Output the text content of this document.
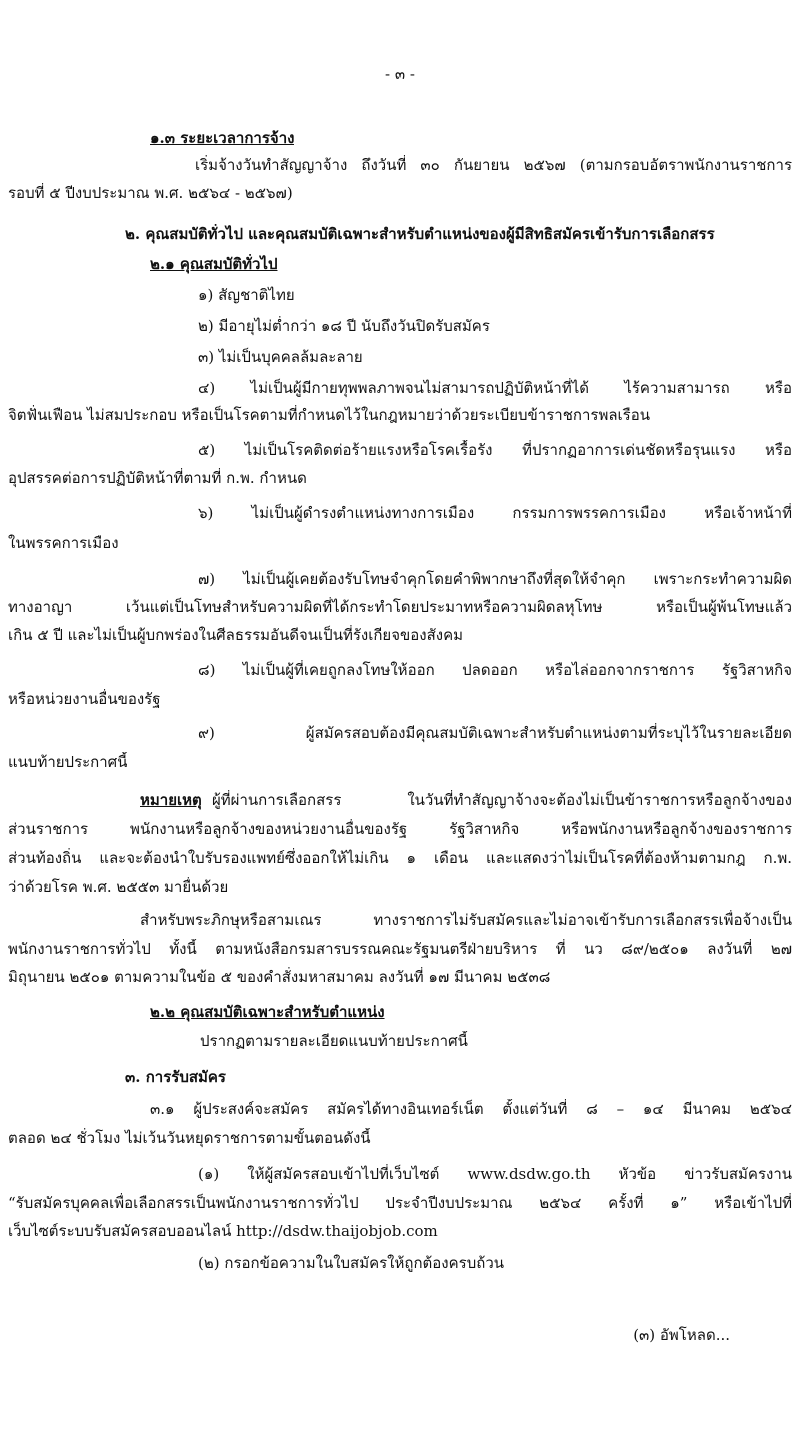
- ๓ -
๑.๓ ระยะเวลาการจ้าง
เริ่มจ้างวันทำสัญญาจ้าง ถึงวันที่ ๓๐ กันยายน ๒๕๖๗ (ตามกรอบอัตราพนักงานราชการ
รอบที่ ๕ ปีงบประมาณ พ.ศ. ๒๕๖๔ - ๒๕๖๗)
๒. คุณสมบัติทั่วไป และคุณสมบัติเฉพาะสำหรับตำแหน่งของผู้มีสิทธิสมัครเข้ารับการเลือกสรร
๒.๑ คุณสมบัติทั่วไป
๑) สัญชาติไทย
๒) มีอายุไม่ต่ำกว่า ๑๘ ปี นับถึงวันปิดรับสมัคร
๓) ไม่เป็นบุคคลล้มละลาย
๔) ไม่เป็นผู้มีกายทุพพลภาพจนไม่สามารถปฏิบัติหน้าที่ได้ ไร้ความสามารถ หรือ
จิตฟั่นเฟือน ไม่สมประกอบ หรือเป็นโรคตามที่กำหนดไว้ในกฎหมายว่าด้วยระเบียบข้าราชการพลเรือน
๕) ไม่เป็นโรคติดต่อร้ายแรงหรือโรคเรื้อรัง ที่ปรากฏอาการเด่นชัดหรือรุนแรง หรือ
อุปสรรคต่อการปฏิบัติหน้าที่ตามที่ ก.พ. กำหนด
๖) ไม่เป็นผู้ดำรงตำแหน่งทางการเมือง กรรมการพรรคการเมือง หรือเจ้าหน้าที่
ในพรรคการเมือง
๗) ไม่เป็นผู้เคยต้องรับโทษจำคุกโดยคำพิพากษาถึงที่สุดให้จำคุก เพราะกระทำความผิด
ทางอาญา เว้นแต่เป็นโทษสำหรับความผิดที่ได้กระทำโดยประมาทหรือความผิดลหุโทษ หรือเป็นผู้พ้นโทษแล้ว
เกิน ๕ ปี และไม่เป็นผู้บกพร่องในศีลธรรมอันดีจนเป็นที่รังเกียจของสังคม
๘) ไม่เป็นผู้ที่เคยถูกลงโทษให้ออก ปลดออก หรือไล่ออกจากราชการ รัฐวิสาหกิจ
หรือหน่วยงานอื่นของรัฐ
๙) ผู้สมัครสอบต้องมีคุณสมบัติเฉพาะสำหรับตำแหน่งตามที่ระบุไว้ในรายละเอียด
แนบท้ายประกาศนี้
หมายเหตุ ผู้ที่ผ่านการเลือกสรร ในวันที่ทำสัญญาจ้างจะต้องไม่เป็นข้าราชการหรือลูกจ้างของ
ส่วนราชการ พนักงานหรือลูกจ้างของหน่วยงานอื่นของรัฐ รัฐวิสาหกิจ หรือพนักงานหรือลูกจ้างของราชการ
ส่วนท้องถิ่น และจะต้องนำใบรับรองแพทย์ซึ่งออกให้ไม่เกิน ๑ เดือน และแสดงว่าไม่เป็นโรคที่ต้องห้ามตามกฎ ก.พ.
ว่าด้วยโรค พ.ศ. ๒๕๕๓ มายื่นด้วย
สำหรับพระภิกษุหรือสามเณร ทางราชการไม่รับสมัครและไม่อาจเข้ารับการเลือกสรรเพื่อจ้างเป็น
พนักงานราชการทั่วไป ทั้งนี้ ตามหนังสือกรมสารบรรณคณะรัฐมนตรีฝ่ายบริหาร ที่ นว ๘๙/๒๕๐๑ ลงวันที่ ๒๗
มิถุนายน ๒๕๐๑ ตามความในข้อ ๕ ของคำสั่งมหาสมาคม ลงวันที่ ๑๗ มีนาคม ๒๕๓๘
๒.๒ คุณสมบัติเฉพาะสำหรับตำแหน่ง
ปรากฏตามรายละเอียดแนบท้ายประกาศนี้
๓. การรับสมัคร
๓.๑ ผู้ประสงค์จะสมัคร สมัครได้ทางอินเทอร์เน็ต ตั้งแต่วันที่ ๘ – ๑๔ มีนาคม ๒๕๖๔
ตลอด ๒๔ ชั่วโมง ไม่เว้นวันหยุดราชการตามขั้นตอนดังนี้
(๑) ให้ผู้สมัครสอบเข้าไปที่เว็บไซต์ www.dsdw.go.th หัวข้อ ข่าวรับสมัครงาน
“รับสมัครบุคคลเพื่อเลือกสรรเป็นพนักงานราชการทั่วไป ประจำปีงบประมาณ ๒๕๖๔ ครั้งที่ ๑” หรือเข้าไปที่
เว็บไซต์ระบบรับสมัครสอบออนไลน์ http://dsdw.thaijobjob.com
(๒) กรอกข้อความในใบสมัครให้ถูกต้องครบถ้วน
(๓) อัพโหลด...
